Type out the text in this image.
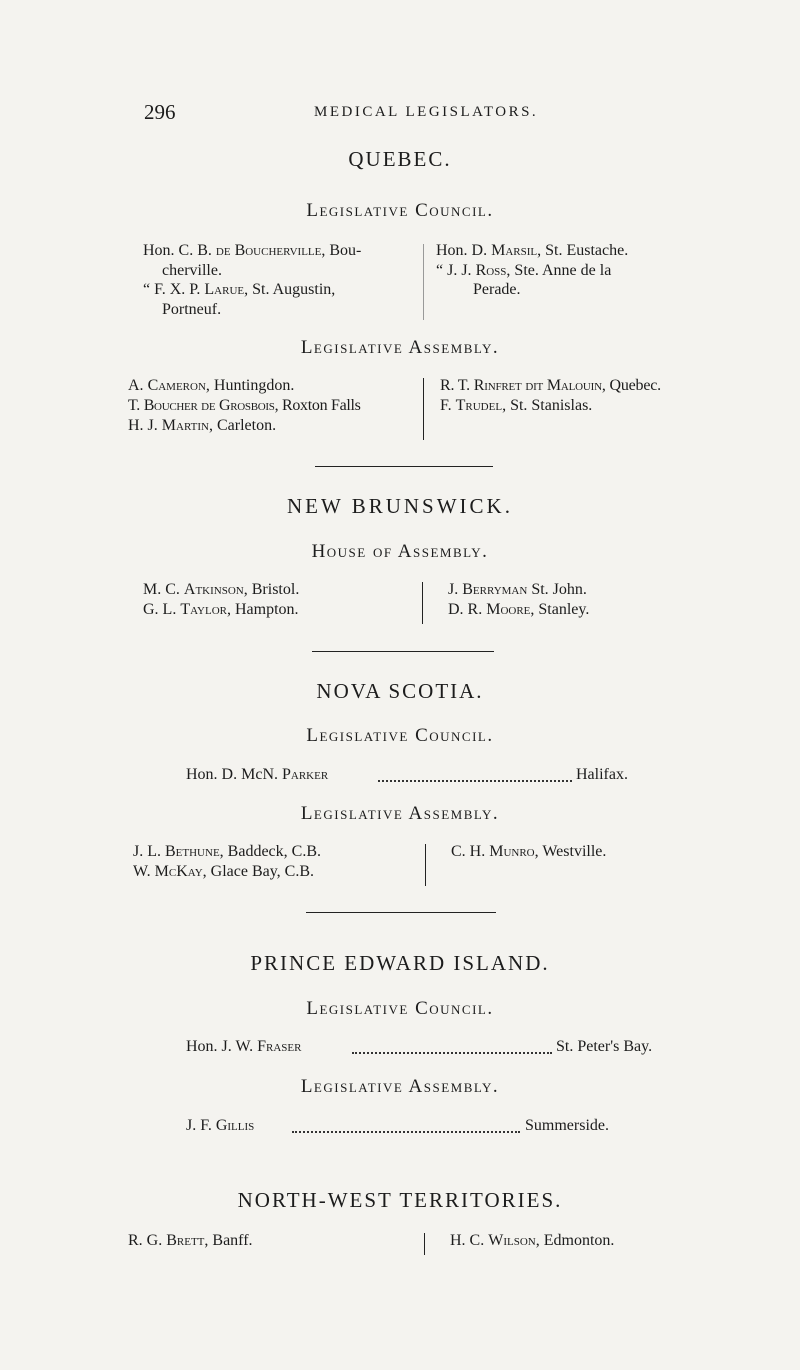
296	MEDICAL LEGISLATORS.
QUEBEC.
Legislative Council.
Hon. C. B. de Boucherville, Bou-
cherville.
“ F. X. P. Larue, St. Augustin,
Portneuf.
Hon. D. Marsil, St. Eustache.
“ J. J. Ross, Ste. Anne de la
Perade.
Legislative Assembly.
A. Cameron, Huntingdon.
T. Boucher de Grosbois, Roxton Falls
H. J. Martin, Carleton.
R. T. Rinfret dit Malouin, Quebec.
F. Trudel, St. Stanislas.
NEW BRUNSWICK.
House of Assembly.
M. C. Atkinson, Bristol.
G. L. Taylor, Hampton.
J. Berryman St. John.
D. R. Moore, Stanley.
NOVA SCOTIA.
Legislative Council.
Hon. D. McN. Parker	Halifax.
Legislative Assembly.
J. L. Bethune, Baddeck, C.B.
W. McKay, Glace Bay, C.B.
C. H. Munro, Westville.
PRINCE EDWARD ISLAND.
Legislative Council.
Hon. J. W. Fraser	St. Peter's Bay.
Legislative Assembly.
J. F. Gillis	Summerside.
NORTH-WEST TERRITORIES.
R. G. Brett, Banff.	H. C. Wilson, Edmonton.
